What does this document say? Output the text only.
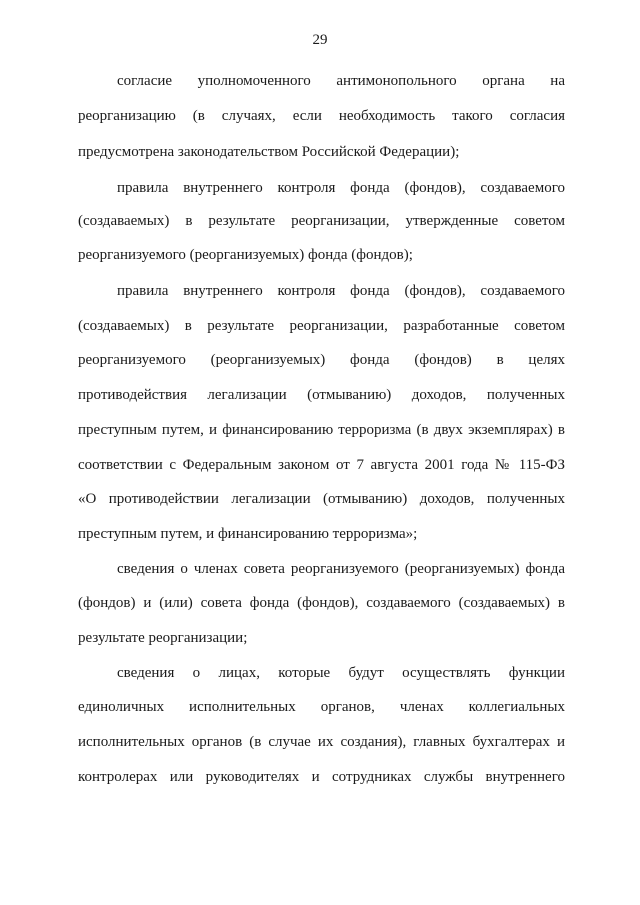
29
согласие уполномоченного антимонопольного органа на
реорганизацию (в случаях, если необходимость такого согласия
предусмотрена законодательством Российской Федерации);
правила внутреннего контроля фонда (фондов), создаваемого
(создаваемых) в результате реорганизации, утвержденные советом
реорганизуемого (реорганизуемых) фонда (фондов);
правила внутреннего контроля фонда (фондов), создаваемого
(создаваемых) в результате реорганизации, разработанные советом
реорганизуемого (реорганизуемых) фонда (фондов) в целях
противодействия легализации (отмыванию) доходов, полученных
преступным путем, и финансированию терроризма (в двух экземплярах) в
соответствии с Федеральным законом от 7 августа 2001 года № 115-ФЗ
«О противодействии легализации (отмыванию) доходов, полученных
преступным путем, и финансированию терроризма»;
сведения о членах совета реорганизуемого (реорганизуемых) фонда
(фондов) и (или) совета фонда (фондов), создаваемого (создаваемых) в
результате реорганизации;
сведения о лицах, которые будут осуществлять функции
единоличных исполнительных органов, членах коллегиальных
исполнительных органов (в случае их создания), главных бухгалтерах и
контролерах или руководителях и сотрудниках службы внутреннего
